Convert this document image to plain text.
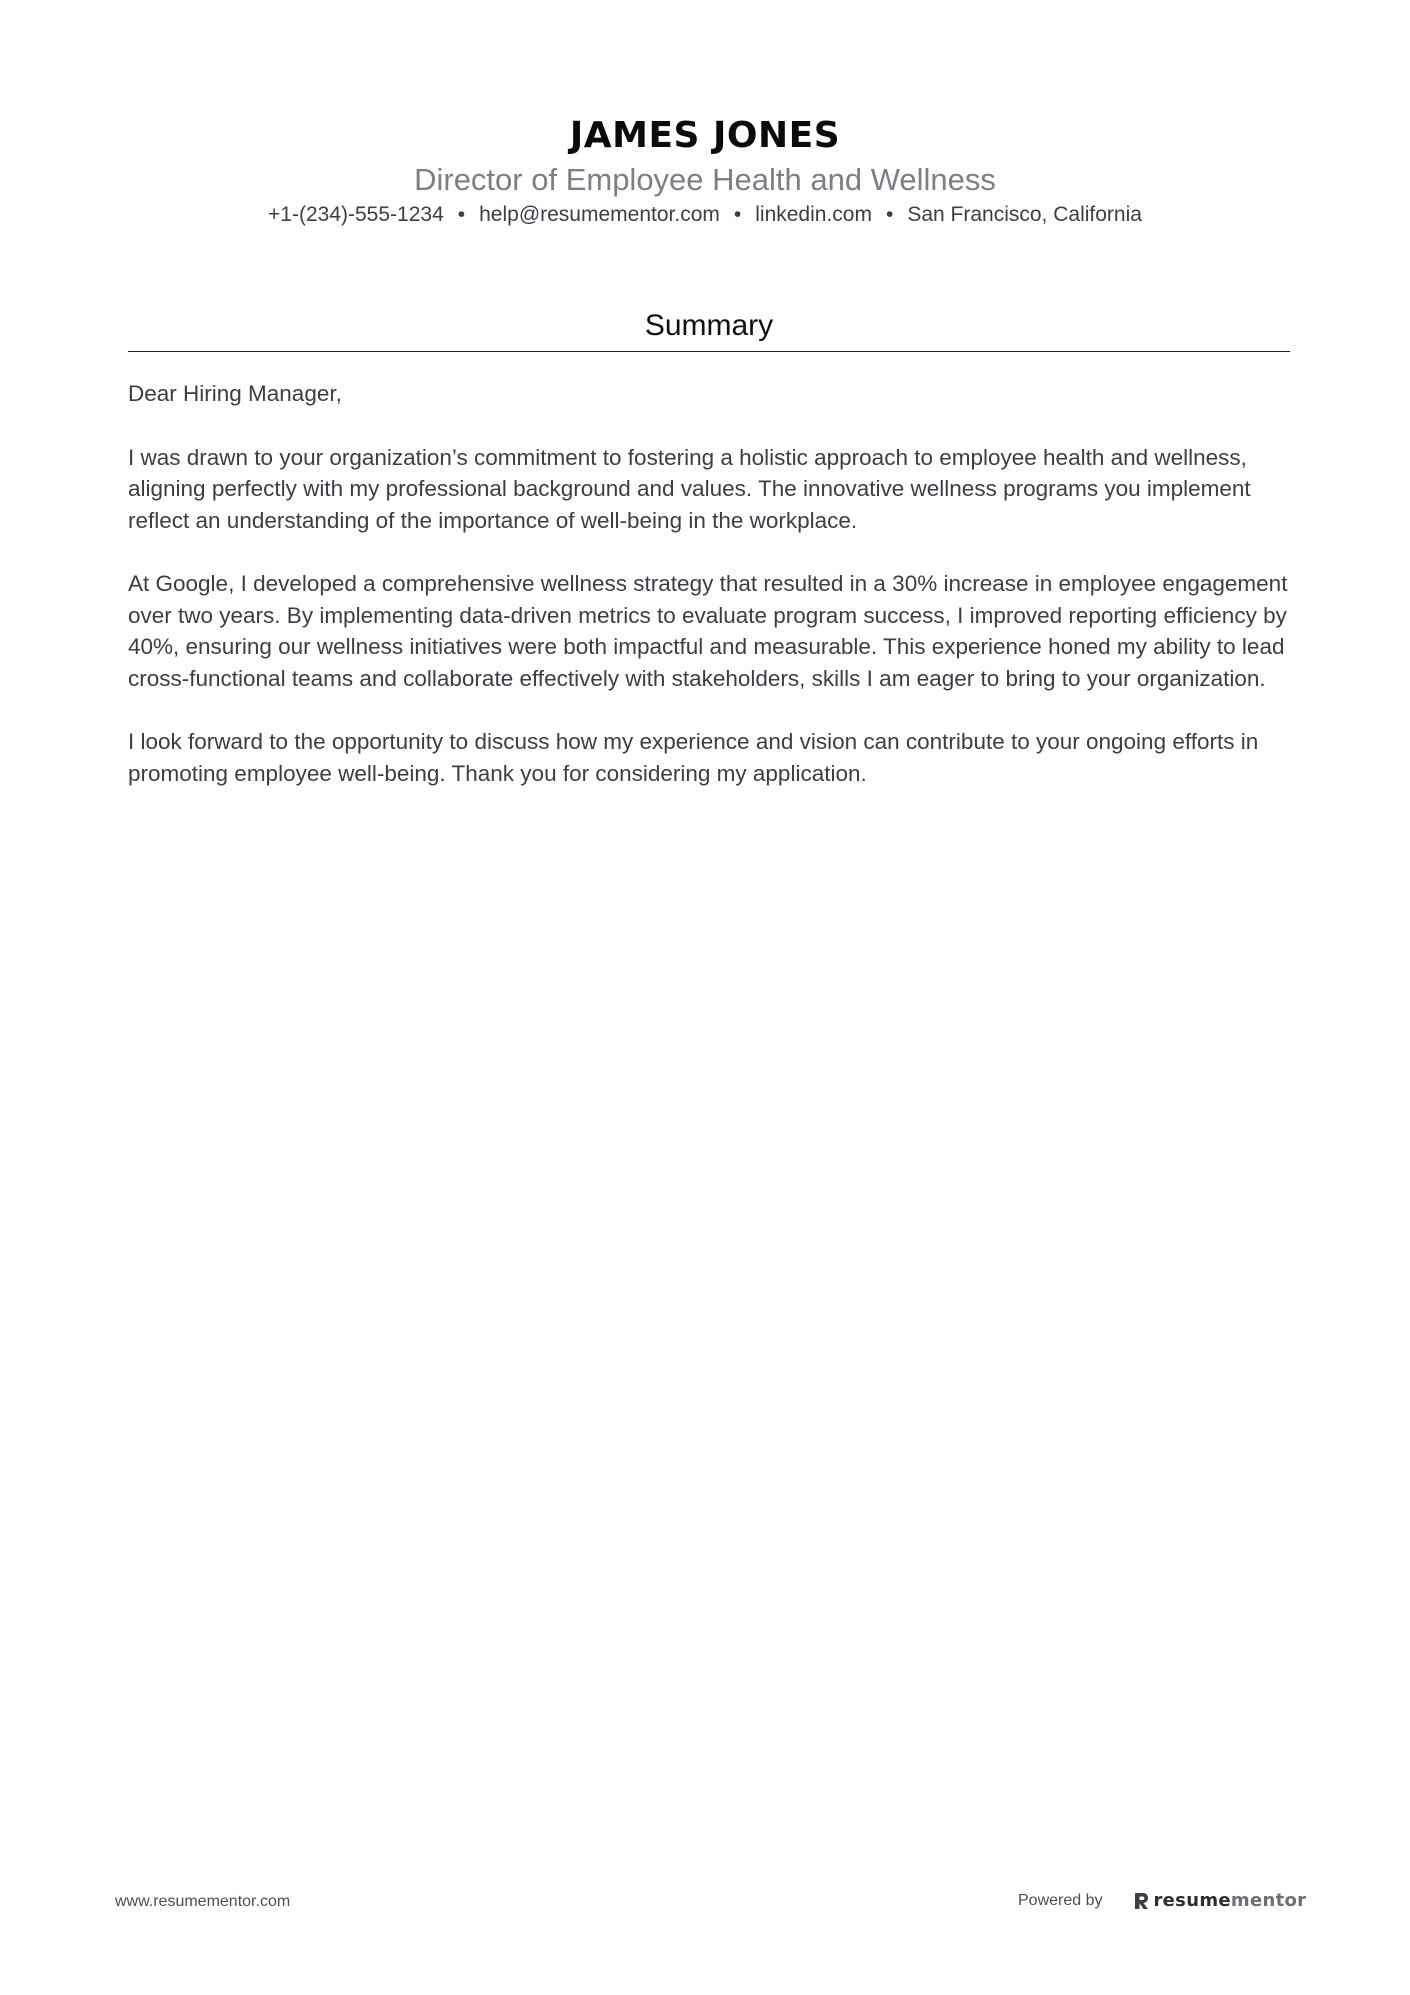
JAMES JONES
Director of Employee Health and Wellness
+1-(234)-555-1234 • help@resumementor.com • linkedin.com • San Francisco, California
Summary

Dear Hiring Manager,

I was drawn to your organization’s commitment to fostering a holistic approach to employee health and wellness, aligning perfectly with my professional background and values. The innovative wellness programs you implement reflect an understanding of the importance of well-being in the workplace.

At Google, I developed a comprehensive wellness strategy that resulted in a 30% increase in employee engagement over two years. By implementing data-driven metrics to evaluate program success, I improved reporting efficiency by 40%, ensuring our wellness initiatives were both impactful and measurable. This experience honed my ability to lead cross-functional teams and collaborate effectively with stakeholders, skills I am eager to bring to your organization.

I look forward to the opportunity to discuss how my experience and vision can contribute to your ongoing efforts in promoting employee well-being. Thank you for considering my application.

www.resumementor.com	Powered by	resumementor
